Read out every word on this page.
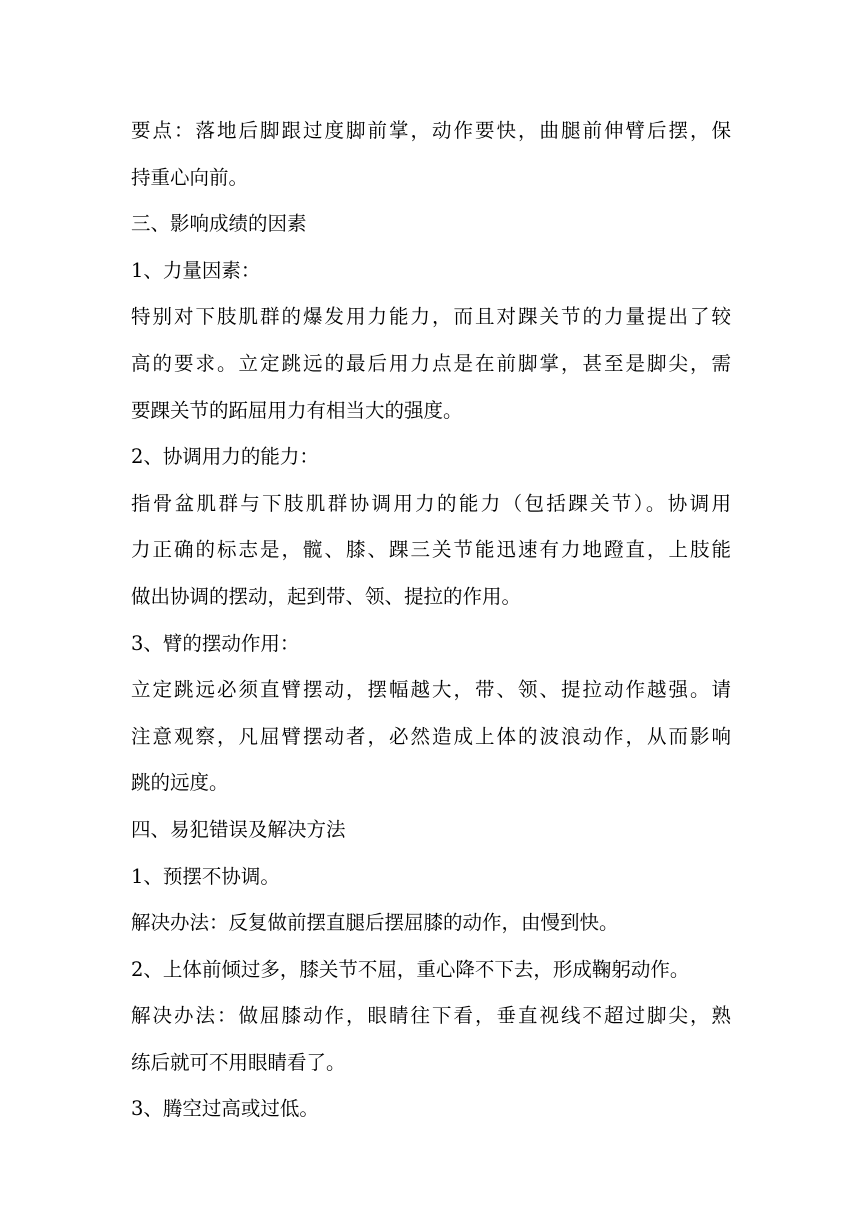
要点：落地后脚跟过度脚前掌，动作要快，曲腿前伸臂后摆，保

持重心向前。

三、影响成绩的因素

1、力量因素：

特别对下肢肌群的爆发用力能力，而且对踝关节的力量提出了较

高的要求。立定跳远的最后用力点是在前脚掌，甚至是脚尖，需

要踝关节的跖屈用力有相当大的强度。

2、协调用力的能力：

指骨盆肌群与下肢肌群协调用力的能力（包括踝关节）。协调用

力正确的标志是，髋、膝、踝三关节能迅速有力地蹬直，上肢能

做出协调的摆动，起到带、领、提拉的作用。

3、臂的摆动作用：

立定跳远必须直臂摆动，摆幅越大，带、领、提拉动作越强。请

注意观察，凡屈臂摆动者，必然造成上体的波浪动作，从而影响

跳的远度。

四、易犯错误及解决方法

1、预摆不协调。

解决办法：反复做前摆直腿后摆屈膝的动作，由慢到快。

2、上体前倾过多，膝关节不屈，重心降不下去，形成鞠躬动作。

解决办法：做屈膝动作，眼睛往下看，垂直视线不超过脚尖，熟

练后就可不用眼睛看了。

3、腾空过高或过低。
